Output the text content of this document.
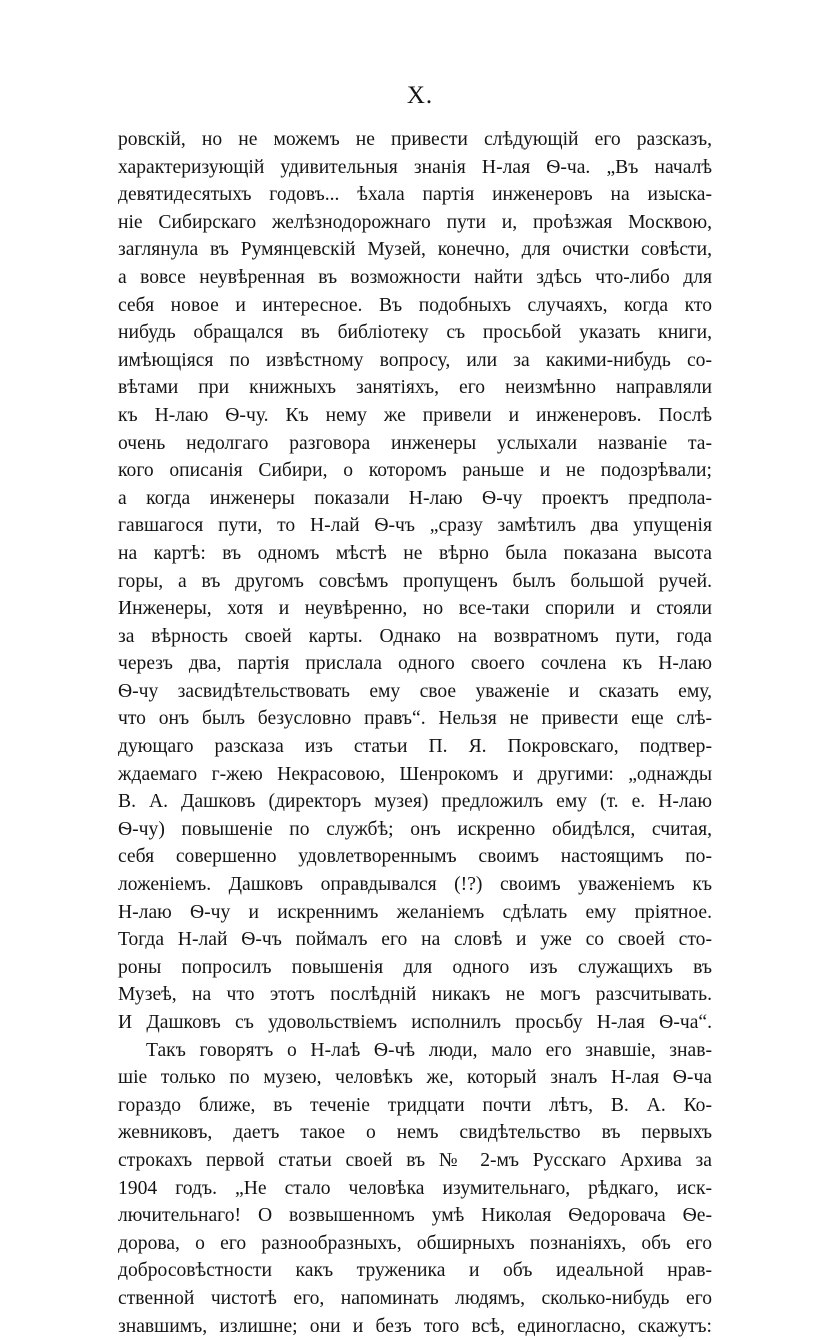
X.
ровскій, но не можемъ не привести слѣдующій его разсказъ,
характеризующій удивительныя знанія Н-лая Ѳ-ча. „Въ началѣ
девятидесятыхъ годовъ... ѣхала партія инженеровъ на изыска-
ніе Сибирскаго желѣзнодорожнаго пути и, проѣзжая Москвою,
заглянула въ Румянцевскій Музей, конечно, для очистки совѣсти,
а вовсе неувѣренная въ возможности найти здѣсь что-либо для
себя новое и интересное. Въ подобныхъ случаяхъ, когда кто
нибудь обращался въ библіотеку съ просьбой указать книги,
имѣющіяся по извѣстному вопросу, или за какими-нибудь со-
вѣтами при книжныхъ занятіяхъ, его неизмѣнно направляли
къ Н-лаю Ѳ-чу. Къ нему же привели и инженеровъ. Послѣ
очень недолгаго разговора инженеры услыхали названіе та-
кого описанія Сибири, о которомъ раньше и не подозрѣвали;
а когда инженеры показали Н-лаю Ѳ-чу проектъ предпола-
гавшагося пути, то Н-лай Ѳ-чъ „сразу замѣтилъ два упущенія
на картѣ: въ одномъ мѣстѣ не вѣрно была показана высота
горы, а въ другомъ совсѣмъ пропущенъ былъ большой ручей.
Инженеры, хотя и неувѣренно, но все-таки спорили и стояли
за вѣрность своей карты. Однако на возвратномъ пути, года
черезъ два, партія прислала одного своего сочлена къ Н-лаю
Ѳ-чу засвидѣтельствовать ему свое уваженіе и сказать ему,
что онъ былъ безусловно правъ“. Нельзя не привести еще слѣ-
дующаго разсказа изъ статьи П. Я. Покровскаго, подтвер-
ждаемаго г-жею Некрасовою, Шенрокомъ и другими: „однажды
В. А. Дашковъ (директоръ музея) предложилъ ему (т. е. Н-лаю
Ѳ-чу) повышеніе по службѣ; онъ искренно обидѣлся, считая,
себя совершенно удовлетвореннымъ своимъ настоящимъ по-
ложеніемъ. Дашковъ оправдывался (!?) своимъ уваженіемъ къ
Н-лаю Ѳ-чу и искреннимъ желаніемъ сдѣлать ему пріятное.
Тогда Н-лай Ѳ-чъ поймалъ его на словѣ и уже со своей сто-
роны попросилъ повышенія для одного изъ служащихъ въ
Музеѣ, на что этотъ послѣдній никакъ не могъ разсчитывать.
И Дашковъ съ удовольствіемъ исполнилъ просьбу Н-лая Ѳ-ча“.
Такъ говорятъ о Н-лаѣ Ѳ-чѣ люди, мало его знавшіе, знав-
шіе только по музею, человѣкъ же, который зналъ Н-лая Ѳ-ча
гораздо ближе, въ теченіе тридцати почти лѣтъ, В. А. Ко-
жевниковъ, даетъ такое о немъ свидѣтельство въ первыхъ
строкахъ первой статьи своей въ № 2-мъ Русскаго Архива за
1904 годъ. „Не стало человѣка изумительнаго, рѣдкаго, иск-
лючительнаго! О возвышенномъ умѣ Николая Ѳедоровача Ѳе-
дорова, о его разнообразныхъ, обширныхъ познаніяхъ, объ его
добросовѣстности какъ труженика и объ идеальной нрав-
ственной чистотѣ его, напоминать людямъ, сколько-нибудь его
знавшимъ, излишне; они и безъ того всѣ, единогласно, скажутъ:
